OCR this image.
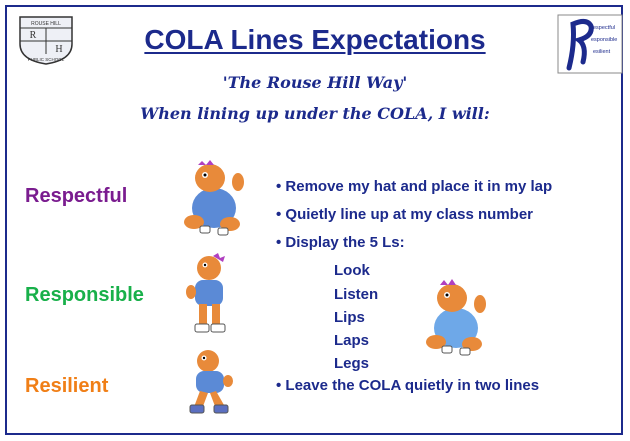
ROUSE HILL
R
H
PUBLIC SCHOOL
espectful
esponsible
esilient
COLA Lines Expectations
'The Rouse Hill Way'
When lining up under the COLA, I will:
Respectful
Responsible
Resilient
• Remove my hat and place it in my lap
• Quietly line up at my class number
• Display the 5 Ls:
Look
Listen
Lips
Laps
Legs
• Leave the COLA quietly in two lines
